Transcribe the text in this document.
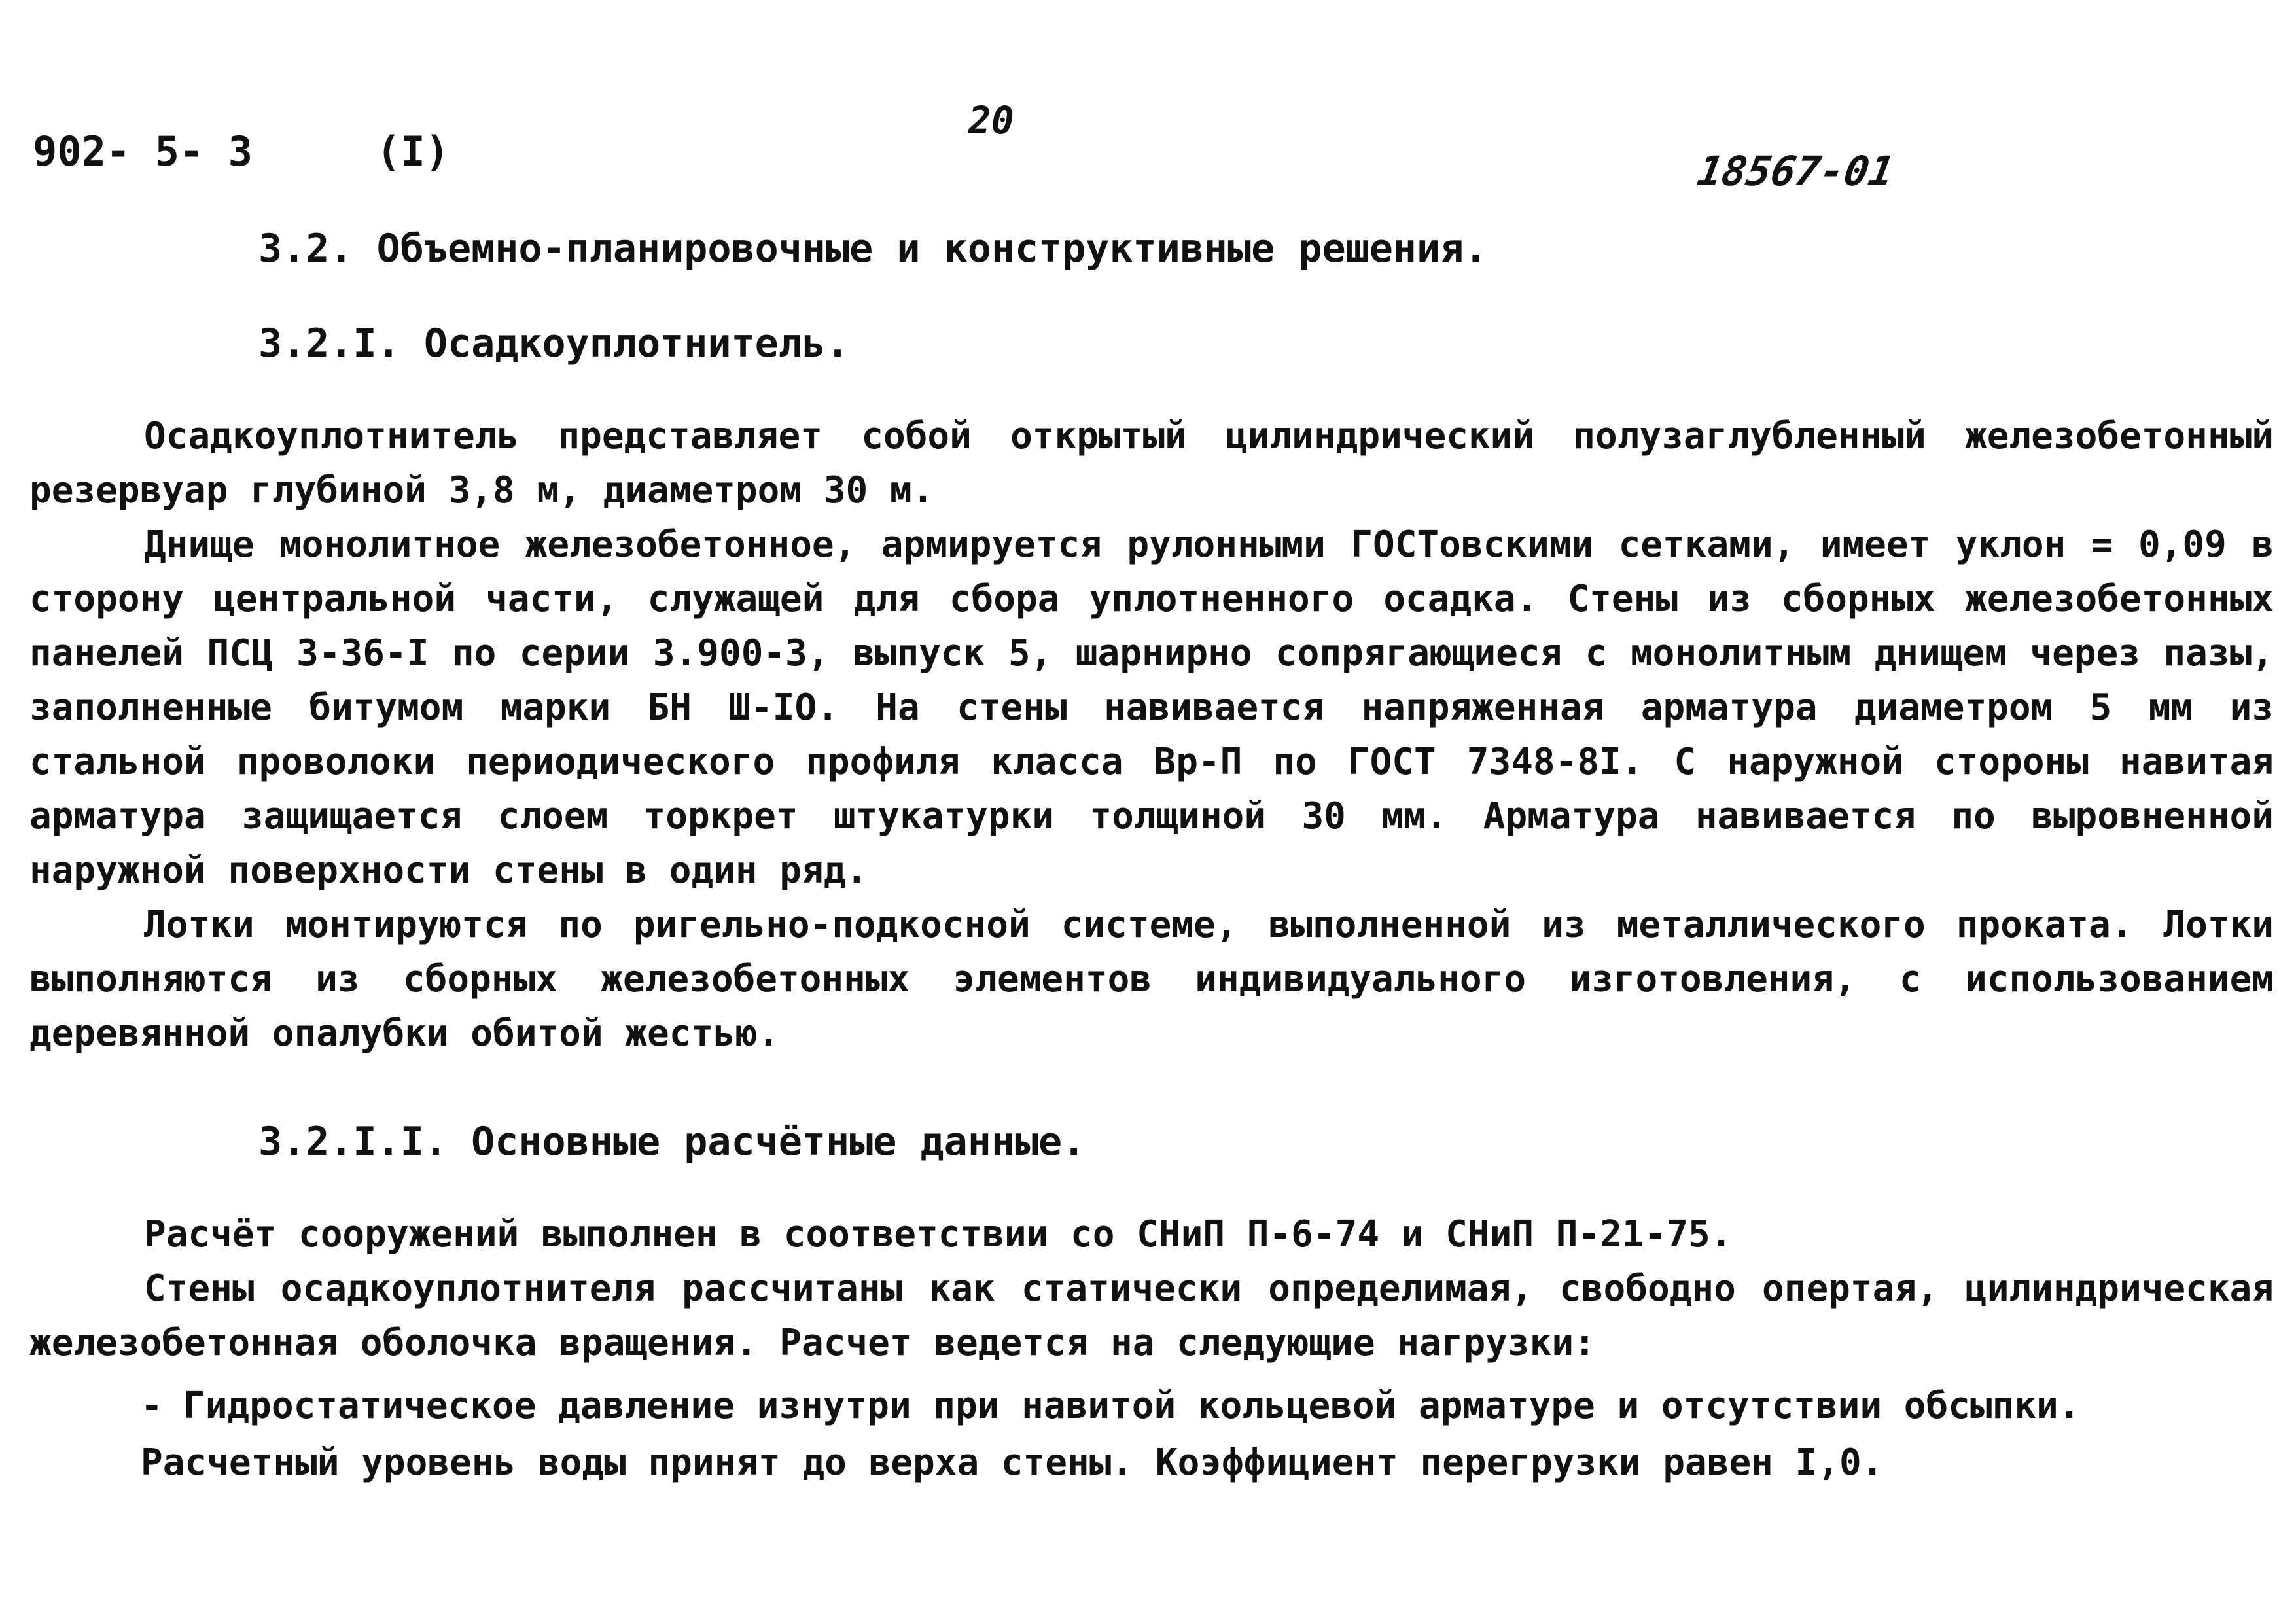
902- 5- 3	(I)
20
18567-01
3.2. Объемно-планировочные и конструктивные решения.
3.2.I. Осадкоуплотнитель.

Осадкоуплотнитель представляет собой открытый цилиндрический полузаглубленный железобетонный резервуар глубиной 3,8 м, диаметром 30 м.

Днище монолитное железобетонное, армируется рулонными ГОСТовскими сетками, имеет уклон = 0,09 в сторону центральной части, служащей для сбора уплотненного осадка. Стены из сборных железобетонных панелей ПСЦ 3-36-I по серии 3.900-3, выпуск 5, шарнирно сопрягающиеся с монолитным днищем через пазы, заполненные битумом марки БН Ш-IO. На стены навивается напряженная арматура диаметром 5 мм из стальной проволоки периодического профиля класса Вр-П по ГОСТ 7348-8I. С наружной стороны навитая арматура защищается слоем торкрет штукатурки толщиной 30 мм. Арматура навивается по выровненной наружной поверхности стены в один ряд.

Лотки монтируются по ригельно-подкосной системе, выполненной из металлического проката. Лотки выполняются из сборных железобетонных элементов индивидуального изготовления, с использованием деревянной опалубки обитой жестью.

3.2.I.I. Основные расчётные данные.

Расчёт сооружений выполнен в соответствии со СНиП П-6-74 и СНиП П-21-75.

Стены осадкоуплотнителя рассчитаны как статически определимая, свободно опертая, цилиндрическая железобетонная оболочка вращения. Расчет ведется на следующие нагрузки:

- Гидростатическое давление изнутри при навитой кольцевой арматуре и отсутствии обсыпки.

Расчетный уровень воды принят до верха стены. Коэффициент перегрузки равен I,0.
